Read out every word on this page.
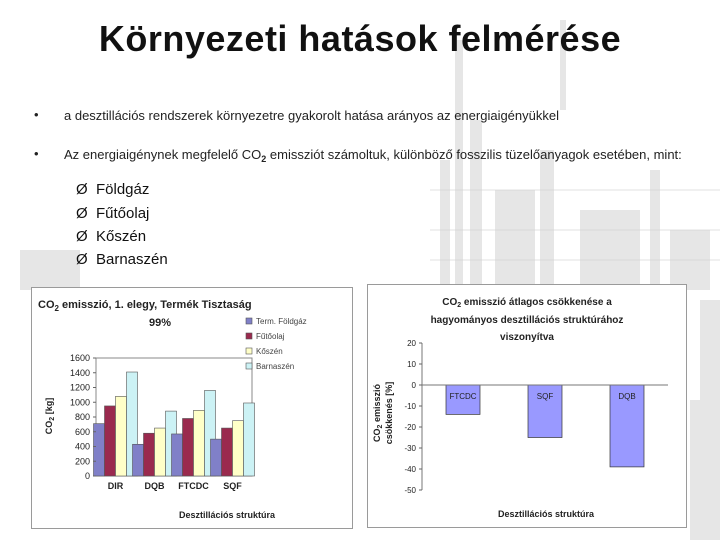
Környezeti hatások felmérése
• a desztillációs rendszerek környezetre gyakorolt hatása arányos az energiaigényükkel
• Az energiaigénynek megfelelő $CO_2$ emissziót számoltuk, különböző fosszilis tüzelőanyagok esetében, mint:
Ø Földgáz
Ø Fűtőolaj
Ø Kőszén
Ø Barnaszén
$CO_2$ emisszió, 1. elegy, Termék Tisztaság
99%
$CO_2$ [kg]
Desztillációs struktúra
0
200
400
600
800
1000
1200
1400
1600
DIR DQB FTCDC SQF
Term. Földgáz
Fűtőolaj
Kőszén
Barnaszén
$CO_2$ emisszió átlagos csökkenése a
hagyományos desztillációs struktúrához
viszonyítva
$CO_2$ emisszió csökkenés [%]
Desztillációs struktúra
-50
-40
-30
-20
-10
0
10
20
FTCDC	SQF	DQB
